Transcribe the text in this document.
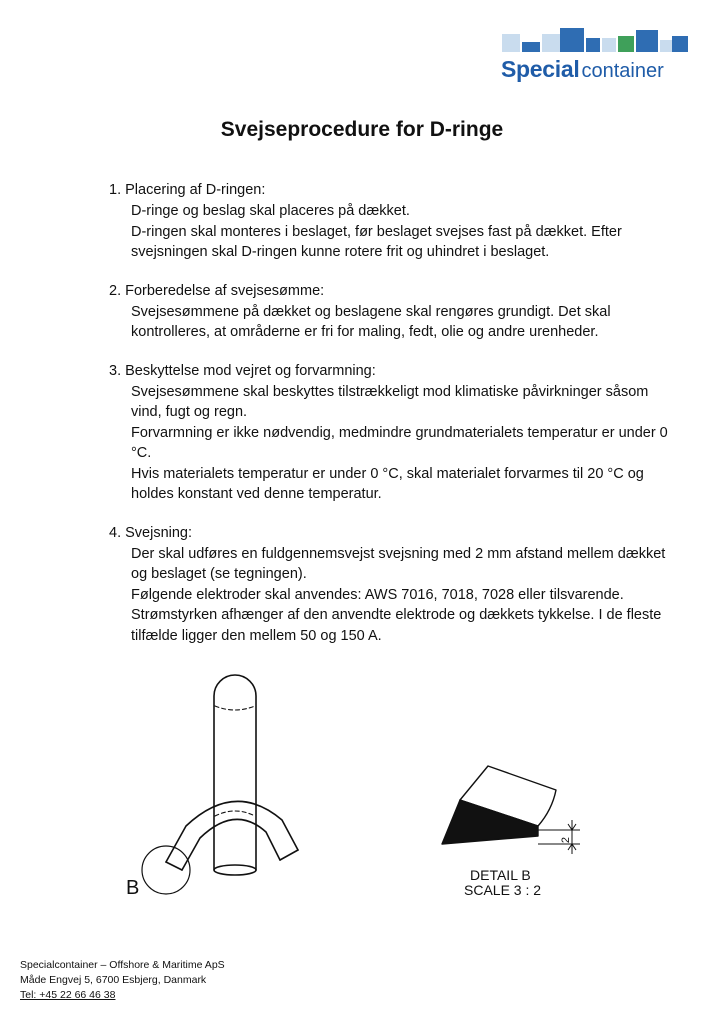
Special container
Svejseprocedure for D-ringe
1. Placering af D-ringen:

D-ringe og beslag skal placeres på dækket.

D-ringen skal monteres i beslaget, før beslaget svejses fast på dækket. Efter svejsningen skal D-ringen kunne rotere frit og uhindret i beslaget.

2. Forberedelse af svejsesømme:

Svejsesømmene på dækket og beslagene skal rengøres grundigt. Det skal kontrolleres, at områderne er fri for maling, fedt, olie og andre urenheder.

3. Beskyttelse mod vejret og forvarmning:

Svejsesømmene skal beskyttes tilstrækkeligt mod klimatiske påvirkninger såsom vind, fugt og regn.

Forvarmning er ikke nødvendig, medmindre grundmaterialets temperatur er under 0 °C.

Hvis materialets temperatur er under 0 °C, skal materialet forvarmes til 20 °C og holdes konstant ved denne temperatur.

4. Svejsning:

Der skal udføres en fuldgennemsvejst svejsning med 2 mm afstand mellem dækket og beslaget (se tegningen).

Følgende elektroder skal anvendes: AWS 7016, 7018, 7028 eller tilsvarende.

Strømstyrken afhænger af den anvendte elektrode og dækkets tykkelse. I de fleste tilfælde ligger den mellem 50 og 150 A.

B
2
DETAIL B
SCALE 3 : 2
Specialcontainer – Offshore & Maritime ApS
Måde Engvej 5, 6700 Esbjerg, Danmark
Tel: +45 22 66 46 38
